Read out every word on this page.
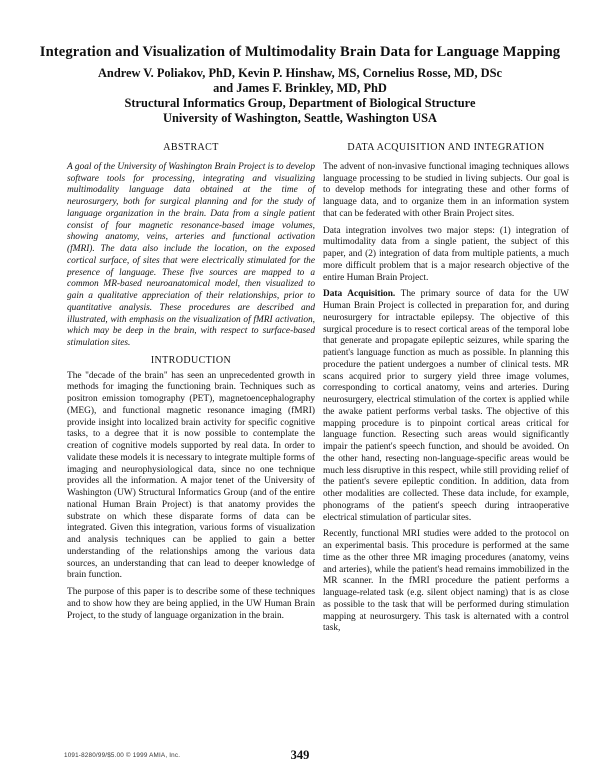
Integration and Visualization of Multimodality Brain Data for Language Mapping
Andrew V. Poliakov, PhD, Kevin P. Hinshaw, MS, Cornelius Rosse, MD, DSc
and James F. Brinkley, MD, PhD
Structural Informatics Group, Department of Biological Structure
University of Washington, Seattle, Washington USA
ABSTRACT

A goal of the University of Washington Brain Project is to develop software tools for processing, integrating and visualizing multimodality language data obtained at the time of neurosurgery, both for surgical planning and for the study of language organization in the brain. Data from a single patient consist of four magnetic resonance-based image volumes, showing anatomy, veins, arteries and functional activation (fMRI). The data also include the location, on the exposed cortical surface, of sites that were electrically stimulated for the presence of language. These five sources are mapped to a common MR-based neuroanatomical model, then visualized to gain a qualitative appreciation of their relationships, prior to quantitative analysis. These procedures are described and illustrated, with emphasis on the visualization of fMRI activation, which may be deep in the brain, with respect to surface-based stimulation sites.

INTRODUCTION

The "decade of the brain" has seen an unprecedented growth in methods for imaging the functioning brain. Techniques such as positron emission tomography (PET), magnetoencephalography (MEG), and functional magnetic resonance imaging (fMRI) provide insight into localized brain activity for specific cognitive tasks, to a degree that it is now possible to contemplate the creation of cognitive models supported by real data. In order to validate these models it is necessary to integrate multiple forms of imaging and neurophysiological data, since no one technique provides all the information. A major tenet of the University of Washington (UW) Structural Informatics Group (and of the entire national Human Brain Project) is that anatomy provides the substrate on which these disparate forms of data can be integrated. Given this integration, various forms of visualization and analysis techniques can be applied to gain a better understanding of the relationships among the various data sources, an understanding that can lead to deeper knowledge of brain function.

The purpose of this paper is to describe some of these techniques and to show how they are being applied, in the UW Human Brain Project, to the study of language organization in the brain.

DATA ACQUISITION AND INTEGRATION

The advent of non-invasive functional imaging techniques allows language processing to be studied in living subjects. Our goal is to develop methods for integrating these and other forms of language data, and to organize them in an information system that can be federated with other Brain Project sites.

Data integration involves two major steps: (1) integration of multimodality data from a single patient, the subject of this paper, and (2) integration of data from multiple patients, a much more difficult problem that is a major research objective of the entire Human Brain Project.

Data Acquisition. The primary source of data for the UW Human Brain Project is collected in preparation for, and during neurosurgery for intractable epilepsy. The objective of this surgical procedure is to resect cortical areas of the temporal lobe that generate and propagate epileptic seizures, while sparing the patient's language function as much as possible. In planning this procedure the patient undergoes a number of clinical tests. MR scans acquired prior to surgery yield three image volumes, corresponding to cortical anatomy, veins and arteries. During neurosurgery, electrical stimulation of the cortex is applied while the awake patient performs verbal tasks. The objective of this mapping procedure is to pinpoint cortical areas critical for language function. Resecting such areas would significantly impair the patient's speech function, and should be avoided. On the other hand, resecting non-language-specific areas would be much less disruptive in this respect, while still providing relief of the patient's severe epileptic condition. In addition, data from other modalities are collected. These data include, for example, phonograms of the patient's speech during intraoperative electrical stimulation of particular sites.

Recently, functional MRI studies were added to the protocol on an experimental basis. This procedure is performed at the same time as the other three MR imaging procedures (anatomy, veins and arteries), while the patient's head remains immobilized in the MR scanner. In the fMRI procedure the patient performs a language-related task (e.g. silent object naming) that is as close as possible to the task that will be performed during stimulation mapping at neurosurgery. This task is alternated with a control task,

1091-8280/99/$5.00 © 1999 AMIA, Inc.	349
